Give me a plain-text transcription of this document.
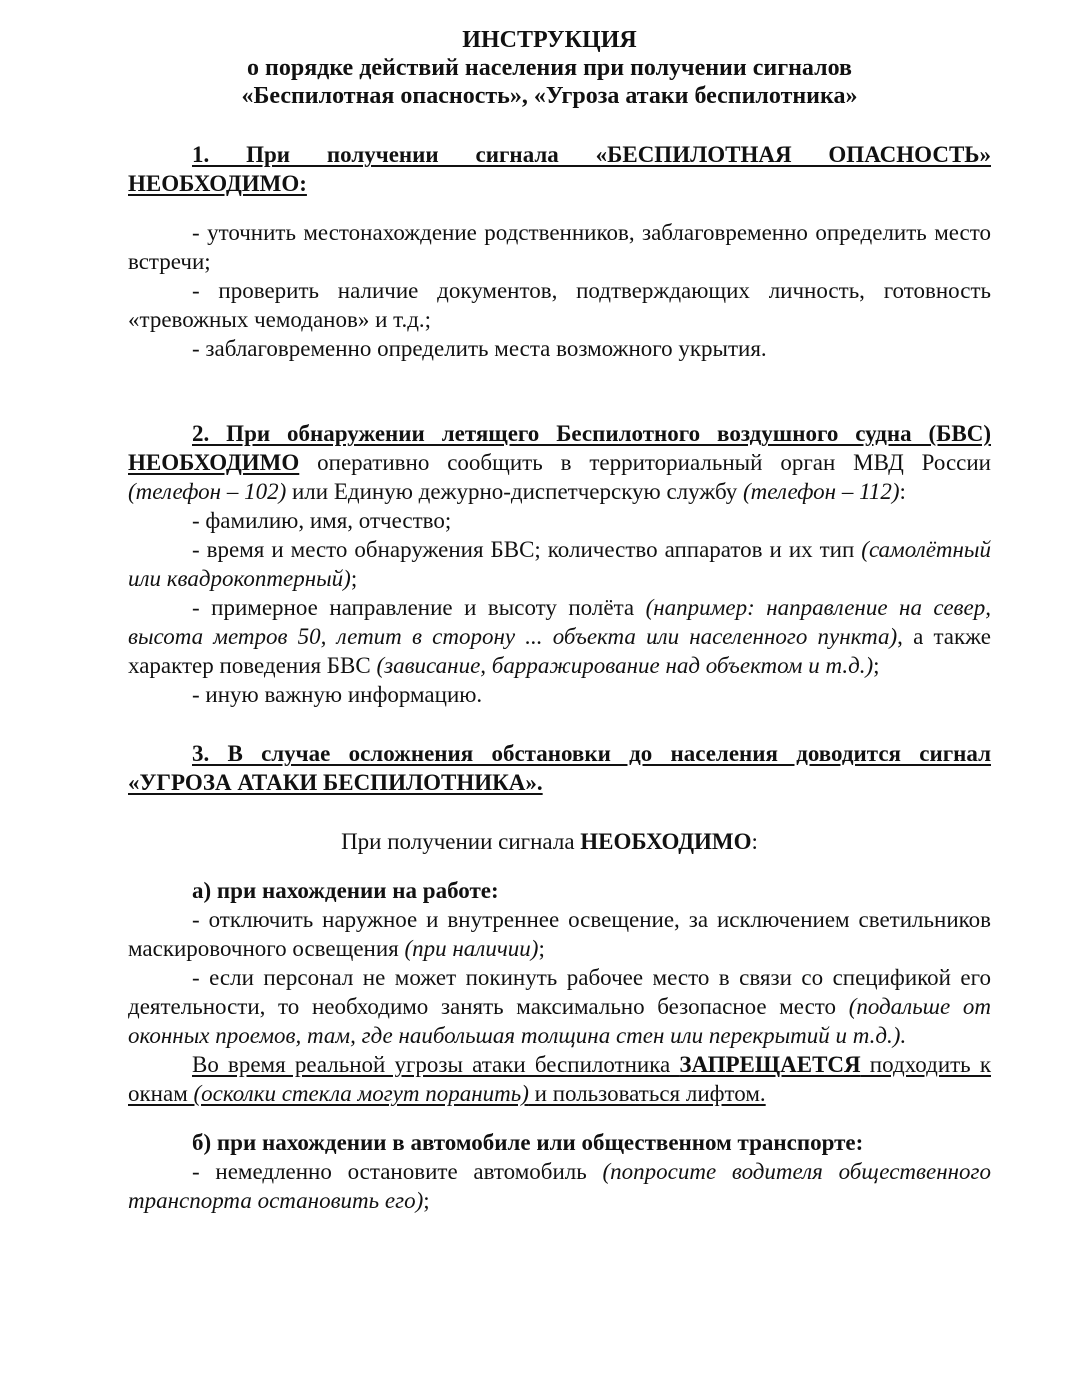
ИНСТРУКЦИЯ
о порядке действий населения при получении сигналов
«Беспилотная опасность», «Угроза атаки беспилотника»

1. При получении сигнала «БЕСПИЛОТНАЯ ОПАСНОСТЬ» НЕОБХОДИМО:

- уточнить местонахождение родственников, заблаговременно определить место встречи;

- проверить наличие документов, подтверждающих личность, готовность «тревожных чемоданов» и т.д.;

- заблаговременно определить места возможного укрытия.

2. При обнаружении летящего Беспилотного воздушного судна (БВС) НЕОБХОДИМО оперативно сообщить в территориальный орган МВД России (телефон – 102) или Единую дежурно-диспетчерскую службу (телефон – 112):

- фамилию, имя, отчество;

- время и место обнаружения БВС; количество аппаратов и их тип (самолётный или квадрокоптерный);

- примерное направление и высоту полёта (например: направление на север, высота метров 50, летит в сторону ... объекта или населенного пункта), а также характер поведения БВС (зависание, барражирование над объектом и т.д.);

- иную важную информацию.

3. В случае осложнения обстановки до населения доводится сигнал «УГРОЗА АТАКИ БЕСПИЛОТНИКА».

При получении сигнала НЕОБХОДИМО:

а) при нахождении на работе:

- отключить наружное и внутреннее освещение, за исключением светильников маскировочного освещения (при наличии);

- если персонал не может покинуть рабочее место в связи со спецификой его деятельности, то необходимо занять максимально безопасное место (подальше от оконных проемов, там, где наибольшая толщина стен или перекрытий и т.д.).

Во время реальной угрозы атаки беспилотника ЗАПРЕЩАЕТСЯ подходить к окнам (осколки стекла могут поранить) и пользоваться лифтом.

б) при нахождении в автомобиле или общественном транспорте:

- немедленно остановите автомобиль (попросите водителя общественного транспорта остановить его);
